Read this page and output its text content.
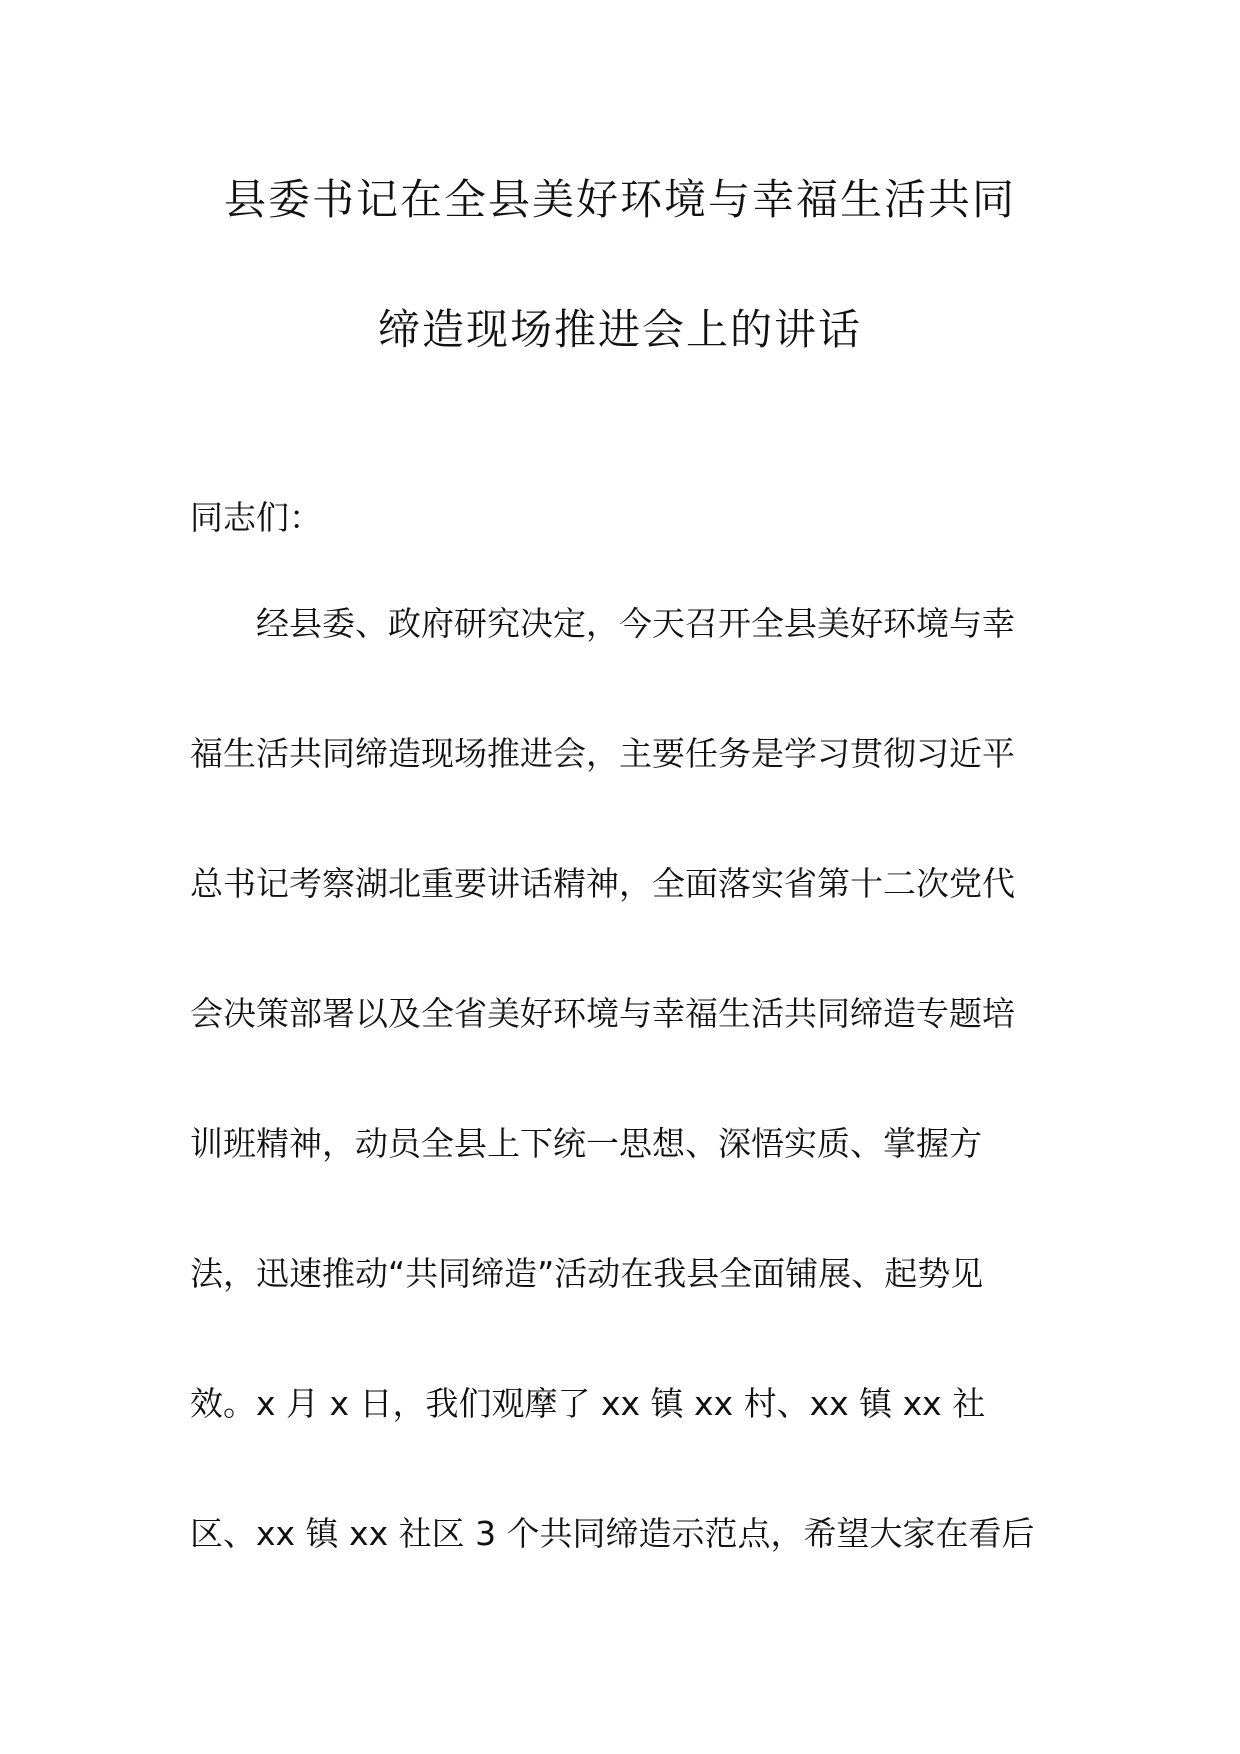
县委书记在全县美好环境与幸福生活共同
缔造现场推进会上的讲话
同志们：
经县委、政府研究决定，今天召开全县美好环境与幸
福生活共同缔造现场推进会，主要任务是学习贯彻习近平
总书记考察湖北重要讲话精神，全面落实省第十二次党代
会决策部署以及全省美好环境与幸福生活共同缔造专题培
训班精神，动员全县上下统一思想、深悟实质、掌握方
法，迅速推动“共同缔造”活动在我县全面铺展、起势见
效。x 月 x 日，我们观摩了 xx 镇 xx 村、xx 镇 xx 社
区、xx 镇 xx 社区 3 个共同缔造示范点，希望大家在看后
